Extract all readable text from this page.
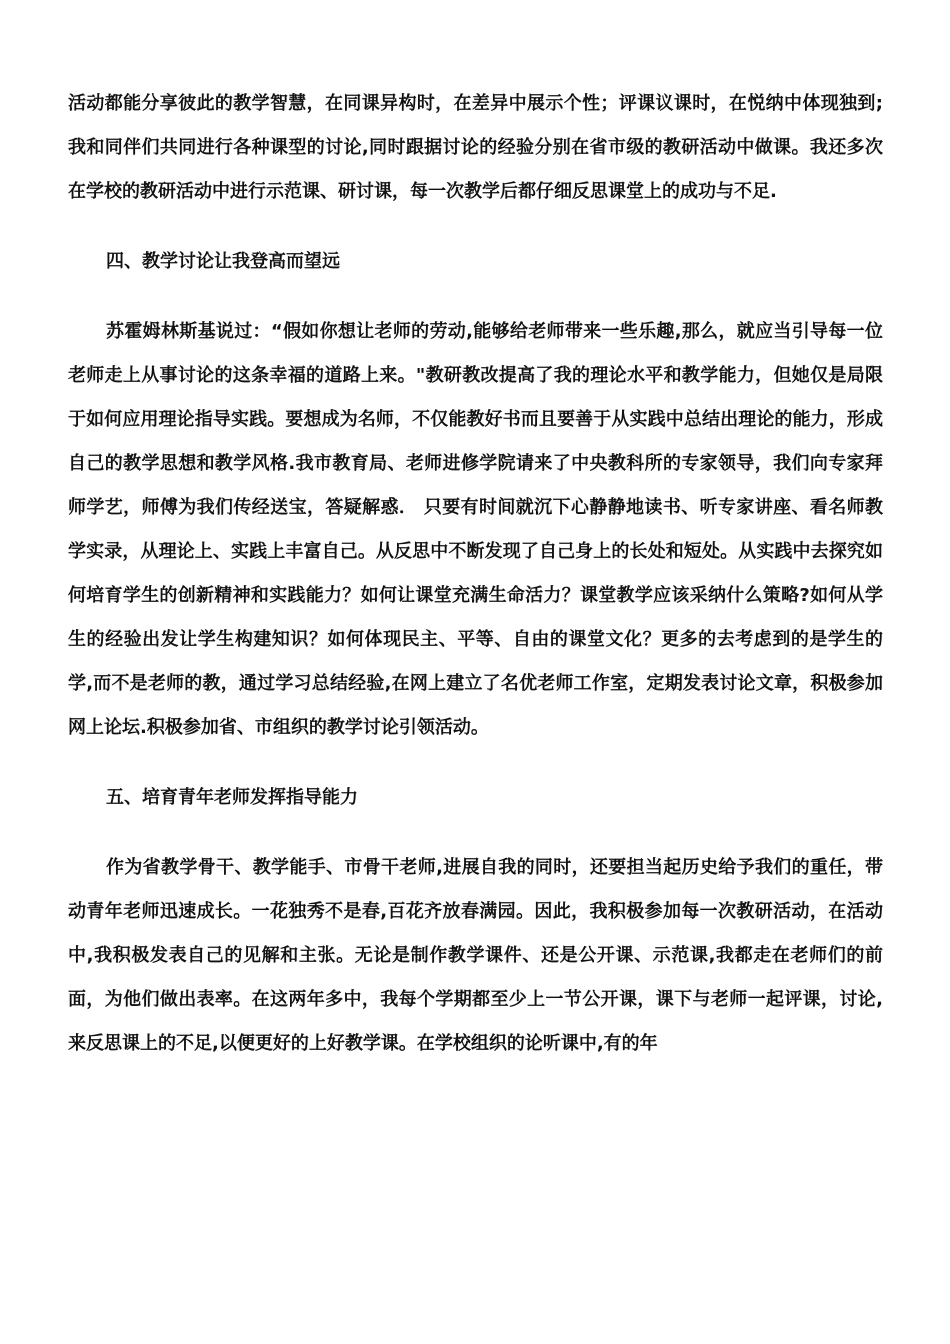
活动都能分享彼此的教学智慧，在同课异构时，在差异中展示个性；评课议课时，在悦纳中体现独到;我和同伴们共同进行各种课型的讨论,同时跟据讨论的经验分别在省市级的教研活动中做课。我还多次在学校的教研活动中进行示范课、研讨课，每一次教学后都仔细反思课堂上的成功与不足.

四、教学讨论让我登高而望远

苏霍姆林斯基说过：“假如你想让老师的劳动,能够给老师带来一些乐趣,那么，就应当引导每一位老师走上从事讨论的这条幸福的道路上来。"教研教改提高了我的理论水平和教学能力，但她仅是局限于如何应用理论指导实践。要想成为名师，不仅能教好书而且要善于从实践中总结出理论的能力，形成自己的教学思想和教学风格.我市教育局、老师进修学院请来了中央教科所的专家领导，我们向专家拜师学艺，师傅为我们传经送宝，答疑解惑． 只要有时间就沉下心静静地读书、听专家讲座、看名师教学实录，从理论上、实践上丰富自己。从反思中不断发现了自己身上的长处和短处。从实践中去探究如何培育学生的创新精神和实践能力？如何让课堂充满生命活力？课堂教学应该采纳什么策略?如何从学生的经验出发让学生构建知识？如何体现民主、平等、自由的课堂文化？更多的去考虑到的是学生的学,而不是老师的教，通过学习总结经验,在网上建立了名优老师工作室，定期发表讨论文章，积极参加网上论坛.积极参加省、市组织的教学讨论引领活动。

五、培育青年老师发挥指导能力

作为省教学骨干、教学能手、市骨干老师,进展自我的同时，还要担当起历史给予我们的重任，带动青年老师迅速成长。一花独秀不是春,百花齐放春满园。因此，我积极参加每一次教研活动，在活动中,我积极发表自己的见解和主张。无论是制作教学课件、还是公开课、示范课,我都走在老师们的前面，为他们做出表率。在这两年多中，我每个学期都至少上一节公开课，课下与老师一起评课，讨论,来反思课上的不足,以便更好的上好教学课。在学校组织的论听课中,有的年
